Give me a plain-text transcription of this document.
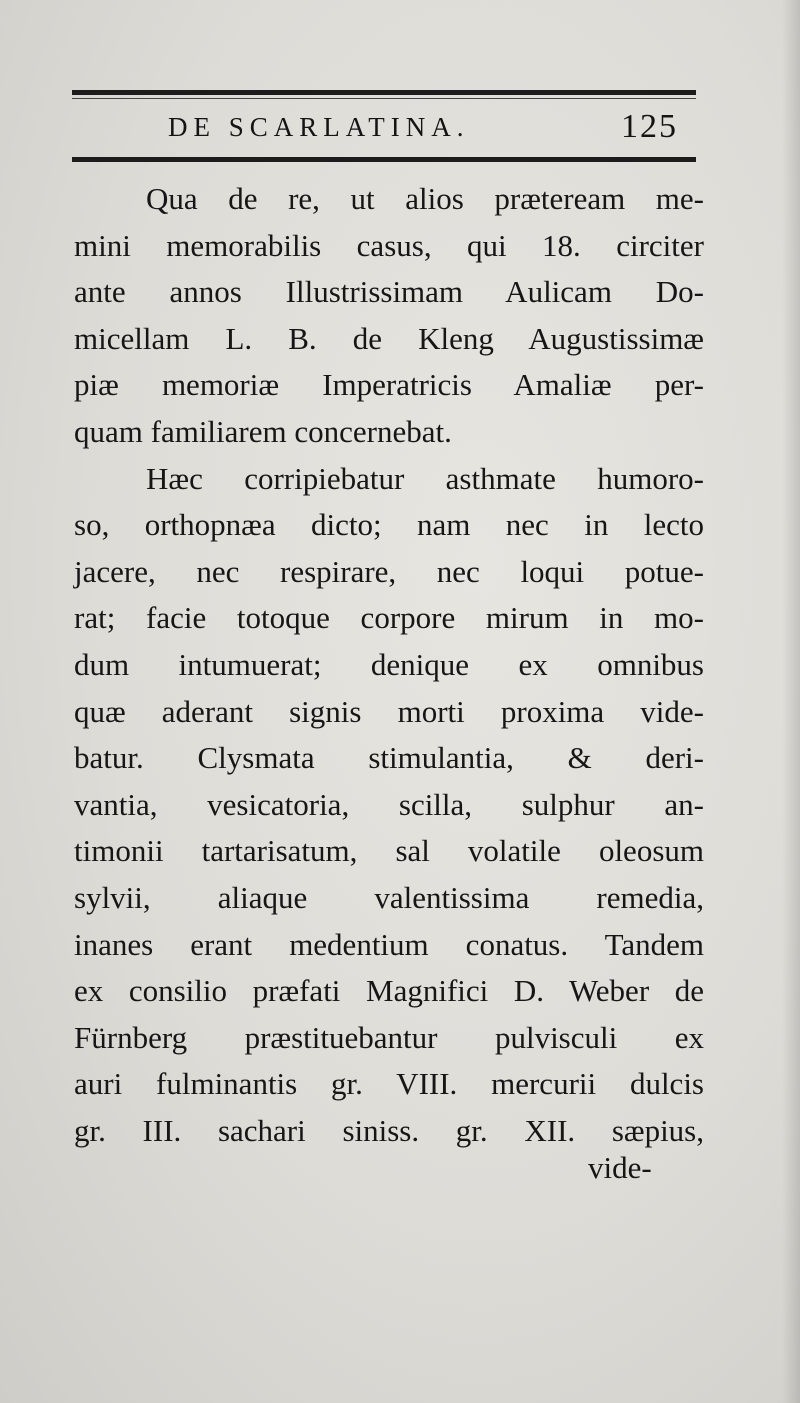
DE SCARLATINA.	125
Qua de re, ut alios præteream me-
mini memorabilis casus, qui 18. circiter
ante annos Illustrissimam Aulicam Do-
micellam L. B. de Kleng Augustissimæ
piæ memoriæ Imperatricis Amaliæ per-
quam familiarem concernebat.
Hæc corripiebatur asthmate humoro-
so, orthopnæa dicto; nam nec in lecto
jacere, nec respirare, nec loqui potue-
rat; facie totoque corpore mirum in mo-
dum intumuerat; denique ex omnibus
quæ aderant signis morti proxima vide-
batur. Clysmata stimulantia, & deri-
vantia, vesicatoria, scilla, sulphur an-
timonii tartarisatum, sal volatile oleosum
sylvii, aliaque valentissima remedia,
inanes erant medentium conatus. Tandem
ex consilio præfati Magnifici D. Weber de
Fürnberg præstituebantur pulvisculi ex
auri fulminantis gr. VIII. mercurii dulcis
gr. III. sachari siniss. gr. XII. sæpius,
vide-
